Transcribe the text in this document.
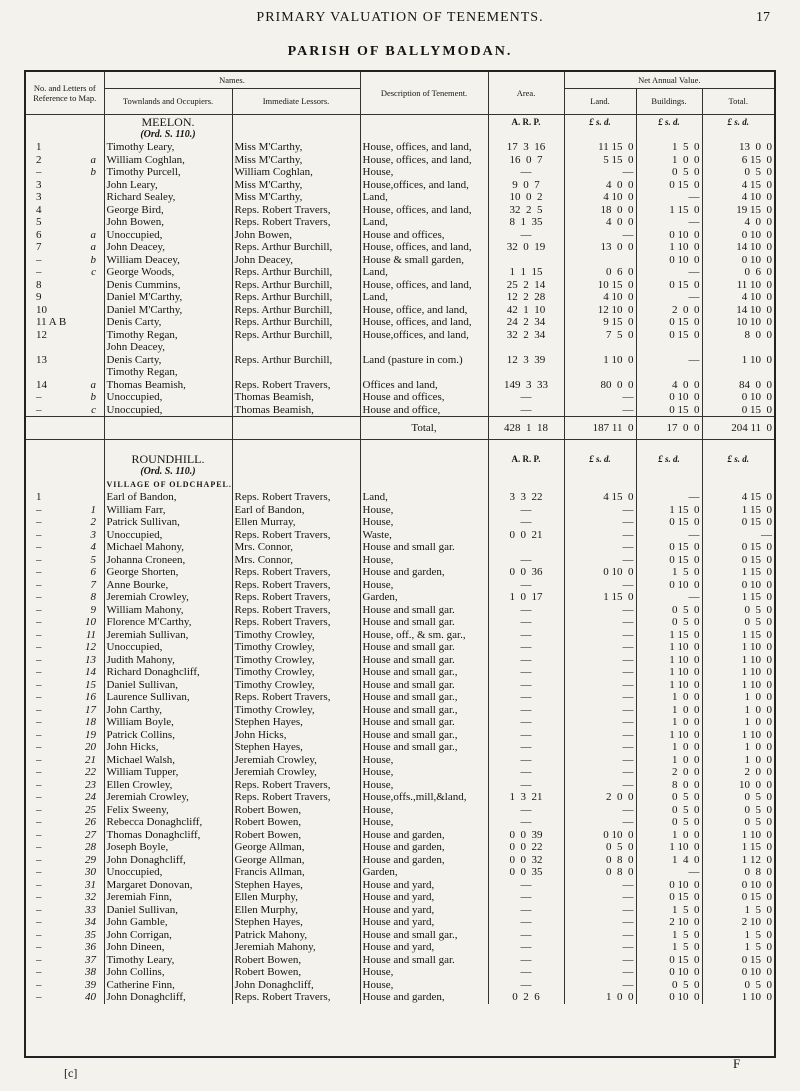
PRIMARY VALUATION OF TENEMENTS.	17
PARISH OF BALLYMODAN.
No. and Letters of Reference to Map.	Names.		Description of Tenement.	Area.	Net Annual Value.		
	Townlands and Occupiers.	Immediate Lessors.			Land.	Buildings.	Total.
	MEELON.			A. R. P.	£ s. d.	£ s. d.	£ s. d.
	(Ord. S. 110.)						
1	Timothy Leary,	Miss M'Carthy,	House, offices, and land,	17  3  16	11 15  0	1  5  0	13  0  0
2 a	William Coghlan,	Miss M'Carthy,	House, offices, and land,	16  0  7	5 15  0	1  0  0	6 15  0
– b	Timothy Purcell,	William Coghlan,	House,	—	—	0  5  0	0  5  0
3	John Leary,	Miss M'Carthy,	House,offices, and land,	9  0  7	4  0  0	0 15  0	4 15  0
3	Richard Sealey,	Miss M'Carthy,	Land,	10  0  2	4 10  0	—	4 10  0
4	George Bird,	Reps. Robert Travers,	House, offices, and land,	32  2  5	18  0  0	1 15  0	19 15  0
5	John Bowen,	Reps. Robert Travers,	Land,	8  1  35	4  0  0	—	4  0  0
6 a	Unoccupied,	John Bowen,	House and offices,	—	—	0 10  0	0 10  0
7 a	John Deacey,	Reps. Arthur Burchill,	House, offices, and land,	32  0  19	13  0  0	1 10  0	14 10  0
– b	William Deacey,	John Deacey,	House & small garden,			0 10  0	0 10  0
– c	George Woods,	Reps. Arthur Burchill,	Land,	1  1  15	0  6  0	—	0  6  0
8	Denis Cummins,	Reps. Arthur Burchill,	House, offices, and land,	25  2  14	10 15  0	0 15  0	11 10  0
9	Daniel M'Carthy,	Reps. Arthur Burchill,	Land,	12  2  28	4 10  0	—	4 10  0
10	Daniel M'Carthy,	Reps. Arthur Burchill,	House, office, and land,	42  1  10	12 10  0	2  0  0	14 10  0
11 A B	Denis Carty,	Reps. Arthur Burchill,	House, offices, and land,	24  2  34	9 15  0	0 15  0	10 10  0
12	Timothy Regan,	Reps. Arthur Burchill,	House,offices, and land,	32  2  34	7  5  0	0 15  0	8  0  0
	John Deacey,						
13	Denis Carty,	Reps. Arthur Burchill,	Land (pasture in com.)	12  3  39	1 10  0	—	1 10  0
	Timothy Regan,						
14 a	Thomas Beamish,	Reps. Robert Travers,	Offices and land,	149  3  33	80  0  0	4  0  0	84  0  0
– b	Unoccupied,	Thomas Beamish,	House and offices,	—	—	0 10  0	0 10  0
– c	Unoccupied,	Thomas Beamish,	House and office,	—	—	0 15  0	0 15  0
			Total,	428  1  18	187 11  0	17  0  0	204 11  0

	ROUNDHILL.			A. R. P.	£ s. d.	£ s. d.	£ s. d.
	(Ord. S. 110.)						
	VILLAGE OF OLDCHAPEL.						
1	Earl of Bandon,	Reps. Robert Travers,	Land,	3  3  22	4 15  0	—	4 15  0
– 1	William Farr,	Earl of Bandon,	House,	—	—	1 15  0	1 15  0
– 2	Patrick Sullivan,	Ellen Murray,	House,	—	—	0 15  0	0 15  0
– 3	Unoccupied,	Reps. Robert Travers,	Waste,	0  0  21	—	—	—
– 4	Michael Mahony,	Mrs. Connor,	House and small gar.		—	0 15  0	0 15  0
– 5	Johanna Croneen,	Mrs. Connor,	House,	—	—	0 15  0	0 15  0
– 6	George Shorten,	Reps. Robert Travers,	House and garden,	0  0  36	0 10  0	1  5  0	1 15  0
– 7	Anne Bourke,	Reps. Robert Travers,	House,	—	—	0 10  0	0 10  0
– 8	Jeremiah Crowley,	Reps. Robert Travers,	Garden,	1  0  17	1 15  0	—	1 15  0
– 9	William Mahony,	Reps. Robert Travers,	House and small gar.	—	—	0  5  0	0  5  0
– 10	Florence M'Carthy,	Reps. Robert Travers,	House and small gar.	—	—	0  5  0	0  5  0
– 11	Jeremiah Sullivan,	Timothy Crowley,	House, off., & sm. gar.,	—	—	1 15  0	1 15  0
– 12	Unoccupied,	Timothy Crowley,	House and small gar.	—	—	1 10  0	1 10  0
– 13	Judith Mahony,	Timothy Crowley,	House and small gar.	—	—	1 10  0	1 10  0
– 14	Richard Donaghcliff,	Timothy Crowley,	House and small gar.,	—	—	1 10  0	1 10  0
– 15	Daniel Sullivan,	Timothy Crowley,	House and small gar.	—	—	1 10  0	1 10  0
– 16	Laurence Sullivan,	Reps. Robert Travers,	House and small gar.,	—	—	1  0  0	1  0  0
– 17	John Carthy,	Timothy Crowley,	House and small gar.,	—	—	1  0  0	1  0  0
– 18	William Boyle,	Stephen Hayes,	House and small gar.	—	—	1  0  0	1  0  0
– 19	Patrick Collins,	John Hicks,	House and small gar.,	—	—	1 10  0	1 10  0
– 20	John Hicks,	Stephen Hayes,	House and small gar.,	—	—	1  0  0	1  0  0
– 21	Michael Walsh,	Jeremiah Crowley,	House,	—	—	1  0  0	1  0  0
– 22	William Tupper,	Jeremiah Crowley,	House,	—	—	2  0  0	2  0  0
– 23	Ellen Crowley,	Reps. Robert Travers,	House,	—	—	8  0  0	10  0  0
– 24	Jeremiah Crowley,	Reps. Robert Travers,	House,offs.,mill,&land,	1  3  21	2  0  0	0  5  0	0  5  0
– 25	Felix Sweeny,	Robert Bowen,	House,	—	—	0  5  0	0  5  0
– 26	Rebecca Donaghcliff,	Robert Bowen,	House,	—	—	0  5  0	0  5  0
– 27	Thomas Donaghcliff,	Robert Bowen,	House and garden,	0  0  39	0 10  0	1  0  0	1 10  0
– 28	Joseph Boyle,	George Allman,	House and garden,	0  0  22	0  5  0	1 10  0	1 15  0
– 29	John Donaghcliff,	George Allman,	House and garden,	0  0  32	0  8  0	1  4  0	1 12  0
– 30	Unoccupied,	Francis Allman,	Garden,	0  0  35	0  8  0	—	0  8  0
– 31	Margaret Donovan,	Stephen Hayes,	House and yard,	—	—	0 10  0	0 10  0
– 32	Jeremiah Finn,	Ellen Murphy,	House and yard,	—	—	0 15  0	0 15  0
– 33	Daniel Sullivan,	Ellen Murphy,	House and yard,	—	—	1  5  0	1  5  0
– 34	John Gamble,	Stephen Hayes,	House and yard,	—	—	2 10  0	2 10  0
– 35	John Corrigan,	Patrick Mahony,	House and small gar.,	—	—	1  5  0	1  5  0
– 36	John Dineen,	Jeremiah Mahony,	House and yard,	—	—	1  5  0	1  5  0
– 37	Timothy Leary,	Robert Bowen,	House and small gar.	—	—	0 15  0	0 15  0
– 38	John Collins,	Robert Bowen,	House,	—	—	0 10  0	0 10  0
– 39	Catherine Finn,	John Donaghcliff,	House,	—	—	0  5  0	0  5  0
– 40	John Donaghcliff,	Reps. Robert Travers,	House and garden,	0  2  6	1  0  0	0 10  0	1 10  0
[c]
F
